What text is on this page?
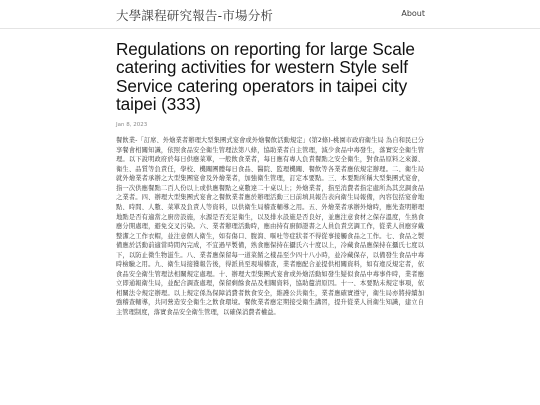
大學課程研究報告-市場分析	About
Regulations on reporting for large Scale catering activities for western Style self Service catering operators in taipei city taipei (333)
Jan 8, 2023
餐飲業-「訂席、外燴業者辦理大型集團式宴會或外燴餐飲活動規定」(第2條)-桃園市政府衛生局 為自和民已分享餐會相關知識，依照食品安全衛生管理法第八條，協助業者自主管理，減少食品中毒發生，落實安全衛生管理。以下說明政府於每日供應菜單，一般飲食業者，每日應有專人負責餐點之安全衛生，對食品原料之來源、衛生、品質等負責任，學校、機關團體每日食品、醫院、監理機關、餐飲等各業者應依規定辦理。二、衛生局就外燴業者承辦之大型集團宴會及外燴業者，加強衛生管理，訂定本要點。三、本要點所稱大型集團式宴會，指一次供應餐點二百人份以上或供應餐點之桌數達二十桌以上；外燴業者，指至消費者指定處所為其烹調食品之業者。四、辦理大型集團式宴會之餐飲業者應於辦理活動三日前填具報告表向衛生局報備，內容包括宴會地點、時間、人數、菜單及負責人等資料，以供衛生局稽查輔導之用。五、外燴業者承辦外燴時，應先查明辦理地點是否有適當之廚房設施，水源是否充足衛生，以及排水設施是否良好，並應注意食材之保存溫度，生熟食應分開處理，避免交叉污染。六、業者辦理活動時，應由持有廚師證書之人員負責烹調工作，從業人員應穿戴整潔之工作衣帽，並注意個人衛生，如有傷口、腹瀉、嘔吐等症狀者不得從事接觸食品之工作。七、食品之製備應於活動前適當時間內完成，不宜過早製備，熟食應保持在攝氏六十度以上，冷藏食品應保持在攝氏七度以下，以防止微生物滋生。八、業者應保留每一道菜餚之樣品至少四十八小時，並冷藏保存，以備發生食品中毒時檢驗之用。九、衛生局接獲報告後，得派員至現場稽查，業者應配合並提供相關資料，如有違反規定者，依食品安全衛生管理法相關規定處理。十、辦理大型集團式宴會或外燴活動如發生疑似食品中毒事件時，業者應立即通報衛生局，並配合調查處理，保留剩餘食品及相關資料，協助釐清原因。十一、本要點未規定事項，依相關法令規定辦理。以上規定係為保障消費者飲食安全，維護公共衛生，業者應確實遵守，衛生局亦將持續加強稽查輔導，共同營造安全衛生之飲食環境。餐飲業者應定期接受衛生講習，提升從業人員衛生知識，建立自主管理制度，落實食品安全衛生管理，以確保消費者權益。
